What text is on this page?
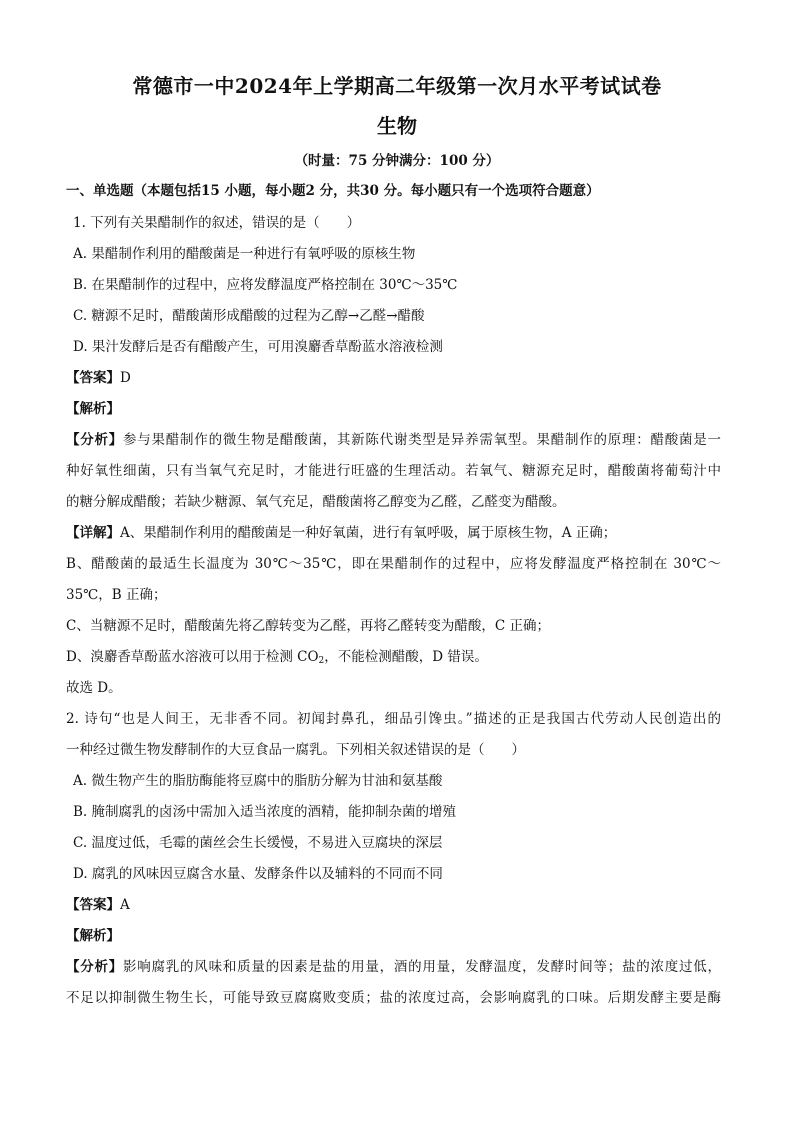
常德市一中2024年上学期高二年级第一次月水平考试试卷
生物
（时量：75 分钟满分：100 分）
一、单选题（本题包括15 小题，每小题2 分，共30 分。每小题只有一个选项符合题意）
1. 下列有关果醋制作的叙述，错误的是（　　）
A. 果醋制作利用的醋酸菌是一种进行有氧呼吸的原核生物
B. 在果醋制作的过程中，应将发酵温度严格控制在 30℃～35℃
C. 糖源不足时，醋酸菌形成醋酸的过程为乙醇→乙醛→醋酸
D. 果汁发酵后是否有醋酸产生，可用溴麝香草酚蓝水溶液检测
【答案】D
【解析】
【分析】参与果醋制作的微生物是醋酸菌，其新陈代谢类型是异养需氧型。果醋制作的原理：醋酸菌是一
种好氧性细菌，只有当氧气充足时，才能进行旺盛的生理活动。若氧气、糖源充足时，醋酸菌将葡萄汁中
的糖分解成醋酸；若缺少糖源、氧气充足，醋酸菌将乙醇变为乙醛，乙醛变为醋酸。
【详解】A、果醋制作利用的醋酸菌是一种好氧菌，进行有氧呼吸，属于原核生物，A 正确；
B、醋酸菌的最适生长温度为 30℃～35℃，即在果醋制作的过程中，应将发酵温度严格控制在 30℃～
35℃，B 正确；
C、当糖源不足时，醋酸菌先将乙醇转变为乙醛，再将乙醛转变为醋酸，C 正确；
D、溴麝香草酚蓝水溶液可以用于检测 $CO_2$，不能检测醋酸，D 错误。
故选 D。
2. 诗句“也是人间王，无非香不同。初闻封鼻孔，细品引馋虫。”描述的正是我国古代劳动人民创造出的
一种经过微生物发酵制作的大豆食品一腐乳。下列相关叙述错误的是（　　）
A. 微生物产生的脂肪酶能将豆腐中的脂肪分解为甘油和氨基酸
B. 腌制腐乳的卤汤中需加入适当浓度的酒精，能抑制杂菌的增殖
C. 温度过低，毛霉的菌丝会生长缓慢，不易进入豆腐块的深层
D. 腐乳的风味因豆腐含水量、发酵条件以及辅料的不同而不同
【答案】A
【解析】
【分析】影响腐乳的风味和质量的因素是盐的用量，酒的用量，发酵温度，发酵时间等；盐的浓度过低，
不足以抑制微生物生长，可能导致豆腐腐败变质；盐的浓度过高，会影响腐乳的口味。后期发酵主要是酶
